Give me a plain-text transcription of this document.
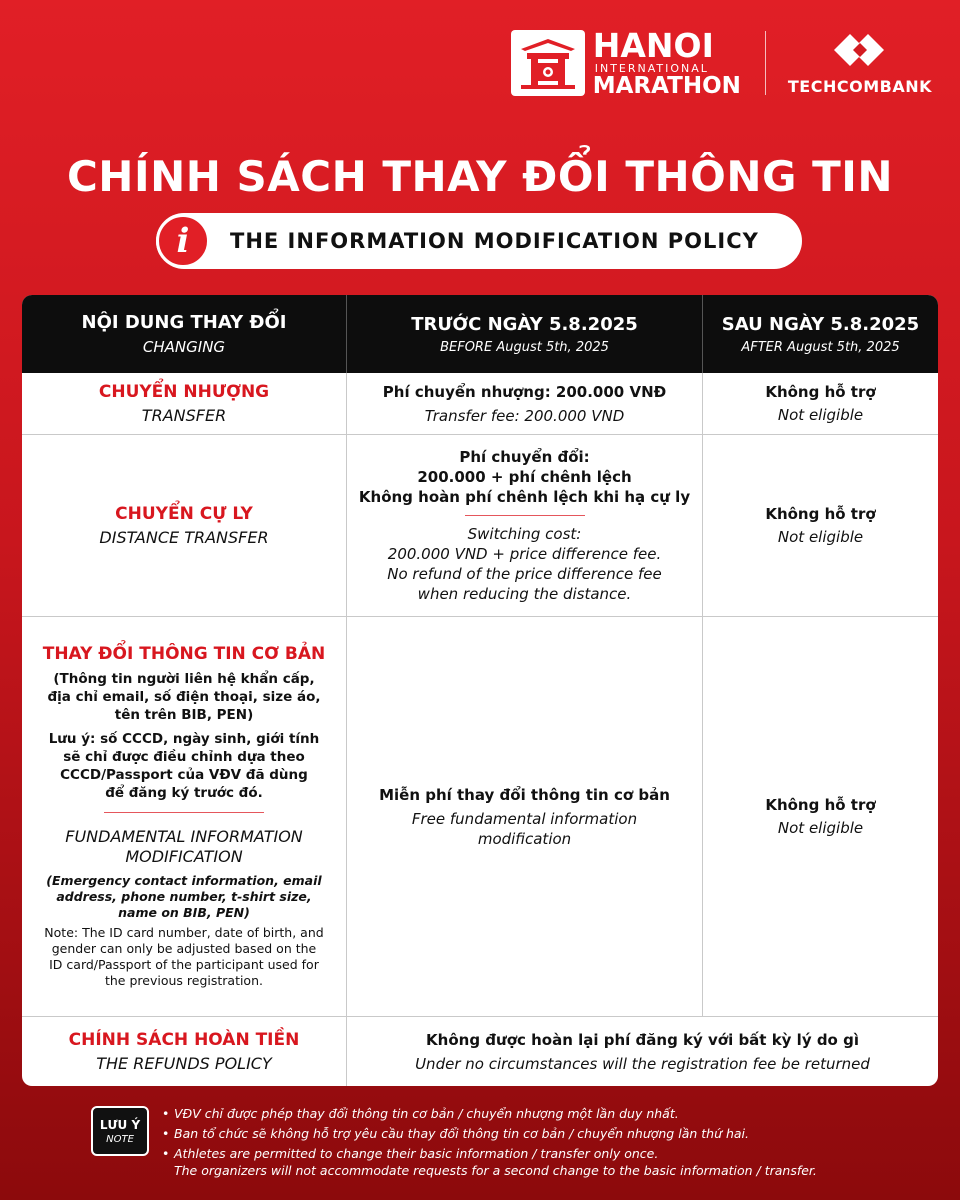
HANOI
INTERNATIONAL
MARATHON	TECHCOMBANK
CHÍNH SÁCH THAY ĐỔI THÔNG TIN
i	THE INFORMATION MODIFICATION POLICY
NỘI DUNG THAY ĐỔI
CHANGING
TRƯỚC NGÀY 5.8.2025
BEFORE August 5th, 2025
SAU NGÀY 5.8.2025
AFTER August 5th, 2025
CHUYỂN NHƯỢNG
TRANSFER
Phí chuyển nhượng: 200.000 VNĐ
Transfer fee: 200.000 VND
Không hỗ trợ
Not eligible
CHUYỂN CỰ LY
DISTANCE TRANSFER
Phí chuyển đổi:
200.000 + phí chênh lệch
Không hoàn phí chênh lệch khi hạ cự ly
Switching cost:
200.000 VND + price difference fee.
No refund of the price difference fee
when reducing the distance.
Không hỗ trợ
Not eligible
THAY ĐỔI THÔNG TIN CƠ BẢN
(Thông tin người liên hệ khẩn cấp,
địa chỉ email, số điện thoại, size áo,
tên trên BIB, PEN)
Lưu ý: số CCCD, ngày sinh, giới tính
sẽ chỉ được điều chỉnh dựa theo
CCCD/Passport của VĐV đã dùng
để đăng ký trước đó.
FUNDAMENTAL INFORMATION
MODIFICATION
(Emergency contact information, email
address, phone number, t-shirt size,
name on BIB, PEN)
Note: The ID card number, date of birth, and
gender can only be adjusted based on the
ID card/Passport of the participant used for
the previous registration.
Miễn phí thay đổi thông tin cơ bản
Free fundamental information
modification
Không hỗ trợ
Not eligible
CHÍNH SÁCH HOÀN TIỀN
THE REFUNDS POLICY
Không được hoàn lại phí đăng ký với bất kỳ lý do gì
Under no circumstances will the registration fee be returned
LƯU Ý
NOTE
• VĐV chỉ được phép thay đổi thông tin cơ bản / chuyển nhượng một lần duy nhất.
• Ban tổ chức sẽ không hỗ trợ yêu cầu thay đổi thông tin cơ bản / chuyển nhượng lần thứ hai.
• Athletes are permitted to change their basic information / transfer only once.
The organizers will not accommodate requests for a second change to the basic information / transfer.
